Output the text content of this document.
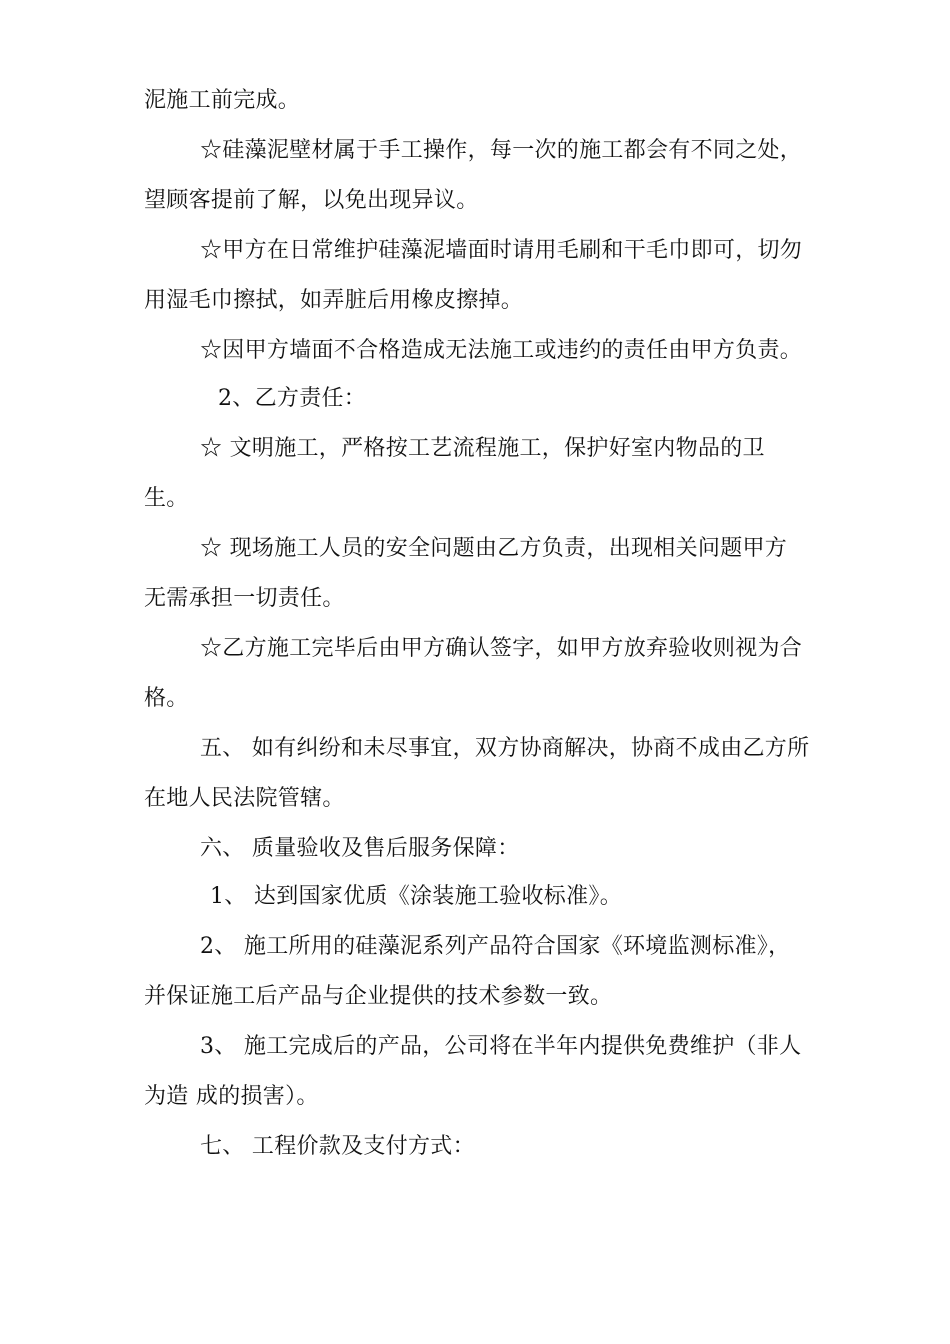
泥施工前完成。
☆硅藻泥壁材属于手工操作，每一次的施工都会有不同之处，
望顾客提前了解，以免出现异议。
☆甲方在日常维护硅藻泥墙面时请用毛刷和干毛巾即可，切勿
用湿毛巾擦拭，如弄脏后用橡皮擦掉。
☆因甲方墙面不合格造成无法施工或违约的责任由甲方负责。
2、乙方责任：
☆ 文明施工，严格按工艺流程施工，保护好室内物品的卫
生。
☆ 现场施工人员的安全问题由乙方负责，出现相关问题甲方
无需承担一切责任。
☆乙方施工完毕后由甲方确认签字，如甲方放弃验收则视为合
格。
五、 如有纠纷和未尽事宜，双方协商解决，协商不成由乙方所
在地人民法院管辖。
六、 质量验收及售后服务保障：
1、 达到国家优质《涂装施工验收标准》。
2、 施工所用的硅藻泥系列产品符合国家《环境监测标准》，
并保证施工后产品与企业提供的技术参数一致。
3、 施工完成后的产品，公司将在半年内提供免费维护（非人
为造 成的损害）。
七、 工程价款及支付方式：
